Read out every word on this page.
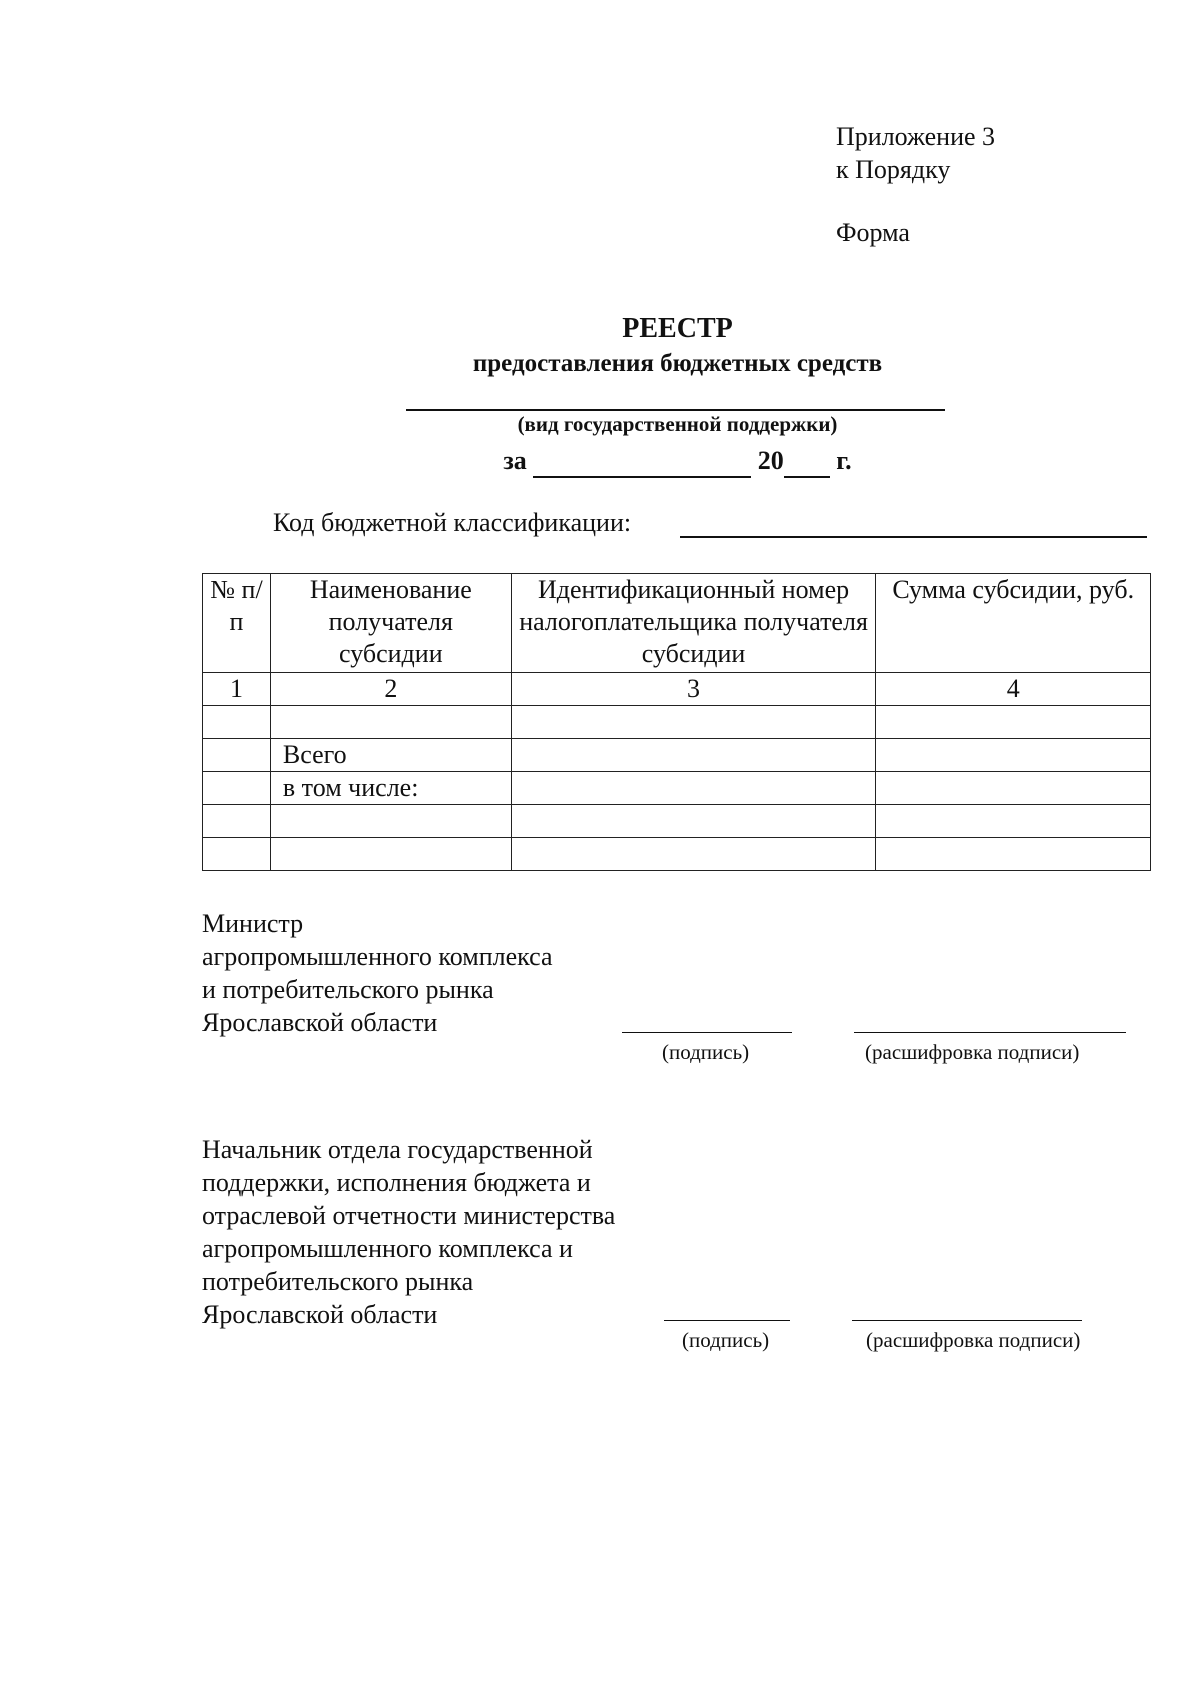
Приложение 3
к Порядку
Форма
РЕЕСТР
предоставления бюджетных средств
(вид государственной поддержки)
за	20 г.
Код бюджетной классификации:
№ п/п	Наименование получателя субсидии	Идентификационный номер налогоплательщика получателя субсидии	Сумма субсидии, руб.
1	2	3	4

	Всего		
	в том числе:		

Министр
агропромышленного комплекса
и потребительского рынка
Ярославской области
(подпись)	(расшифровка подписи)
Начальник отдела государственной
поддержки, исполнения бюджета и
отраслевой отчетности министерства
агропромышленного комплекса и
потребительского рынка
Ярославской области
(подпись)	(расшифровка подписи)
